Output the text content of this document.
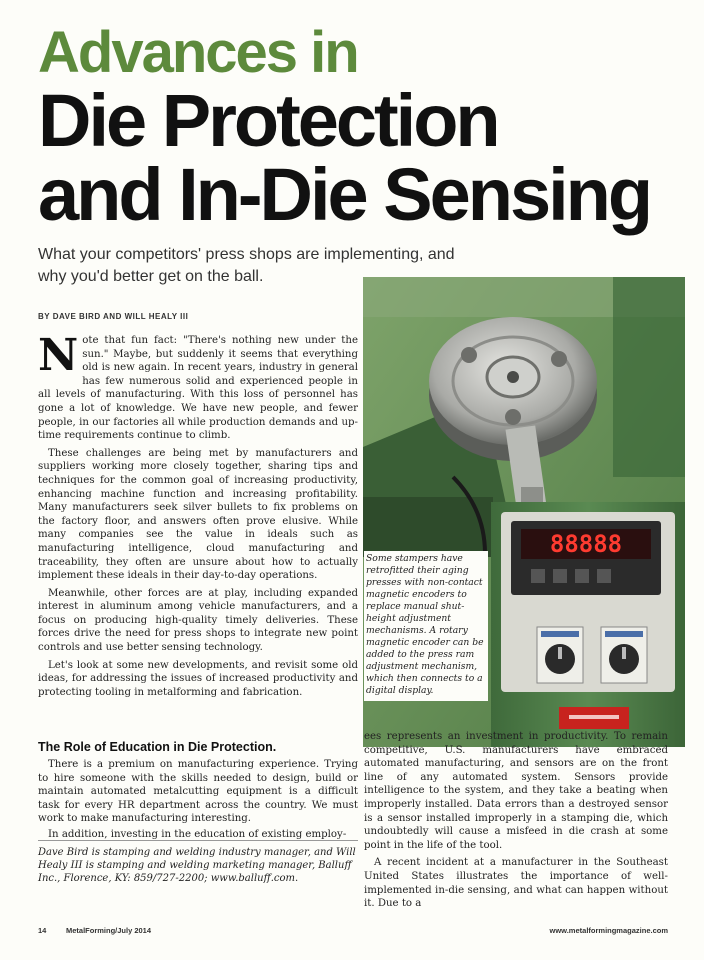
Advances in
Die Protection
and In-Die Sensing
What your competitors' press shops are implementing, and why you'd better get on the ball.
BY DAVE BIRD AND WILL HEALY III

Note that fun fact: "There's nothing new under the sun." Maybe, but suddenly it seems that everything old is new again. In recent years, industry in general has few numerous solid and experienced people in all levels of manufacturing. With this loss of personnel has gone a lot of knowledge. We have new people, and fewer people, in our factories all while production demands and up-time requirements continue to climb.

These challenges are being met by manufacturers and suppliers working more closely together, sharing tips and techniques for the common goal of increasing productivity, enhancing machine function and increasing profitability. Many manufacturers seek silver bullets to fix problems on the factory floor, and answers often prove elusive. While many companies see the value in ideals such as manufacturing intelligence, cloud manufacturing and traceability, they often are unsure about how to actually implement these ideals in their day-to-day operations.

Meanwhile, other forces are at play, including expanded interest in aluminum among vehicle manufacturers, and a focus on producing high-quality timely deliveries. These forces drive the need for press shops to integrate new point controls and use better sensing technology.

Let's look at some new developments, and revisit some old ideas, for addressing the issues of increased productivity and protecting tooling in metalforming and fabrication.

The Role of Education in Die Protection.

There is a premium on manufacturing experience. Trying to hire someone with the skills needed to design, build or maintain automated metalcutting equipment is a difficult task for every HR department across the country. We must work to make manufacturing interesting.

In addition, investing in the education of existing employ-

Dave Bird is stamping and welding industry manager, and Will Healy III is stamping and welding marketing manager, Balluff Inc., Florence, KY: 859/727-2200; www.balluff.com.
88888
Some stampers have retrofitted their aging presses with non-contact magnetic encoders to replace manual shut-height adjustment mechanisms. A rotary magnetic encoder can be added to the press ram adjustment mechanism, which then connects to a digital display.

ees represents an investment in productivity. To remain competitive, U.S. manufacturers have embraced automated manufacturing, and sensors are on the front line of any automated system. Sensors provide intelligence to the system, and they take a beating when improperly installed. Data errors than a destroyed sensor is a sensor installed improperly in a stamping die, which undoubtedly will cause a misfeed in die crash at some point in the life of the tool.

A recent incident at a manufacturer in the Southeast United States illustrates the importance of well-implemented in-die sensing, and what can happen without it. Due to a

14	MetalForming/July 2014	www.metalformingmagazine.com
